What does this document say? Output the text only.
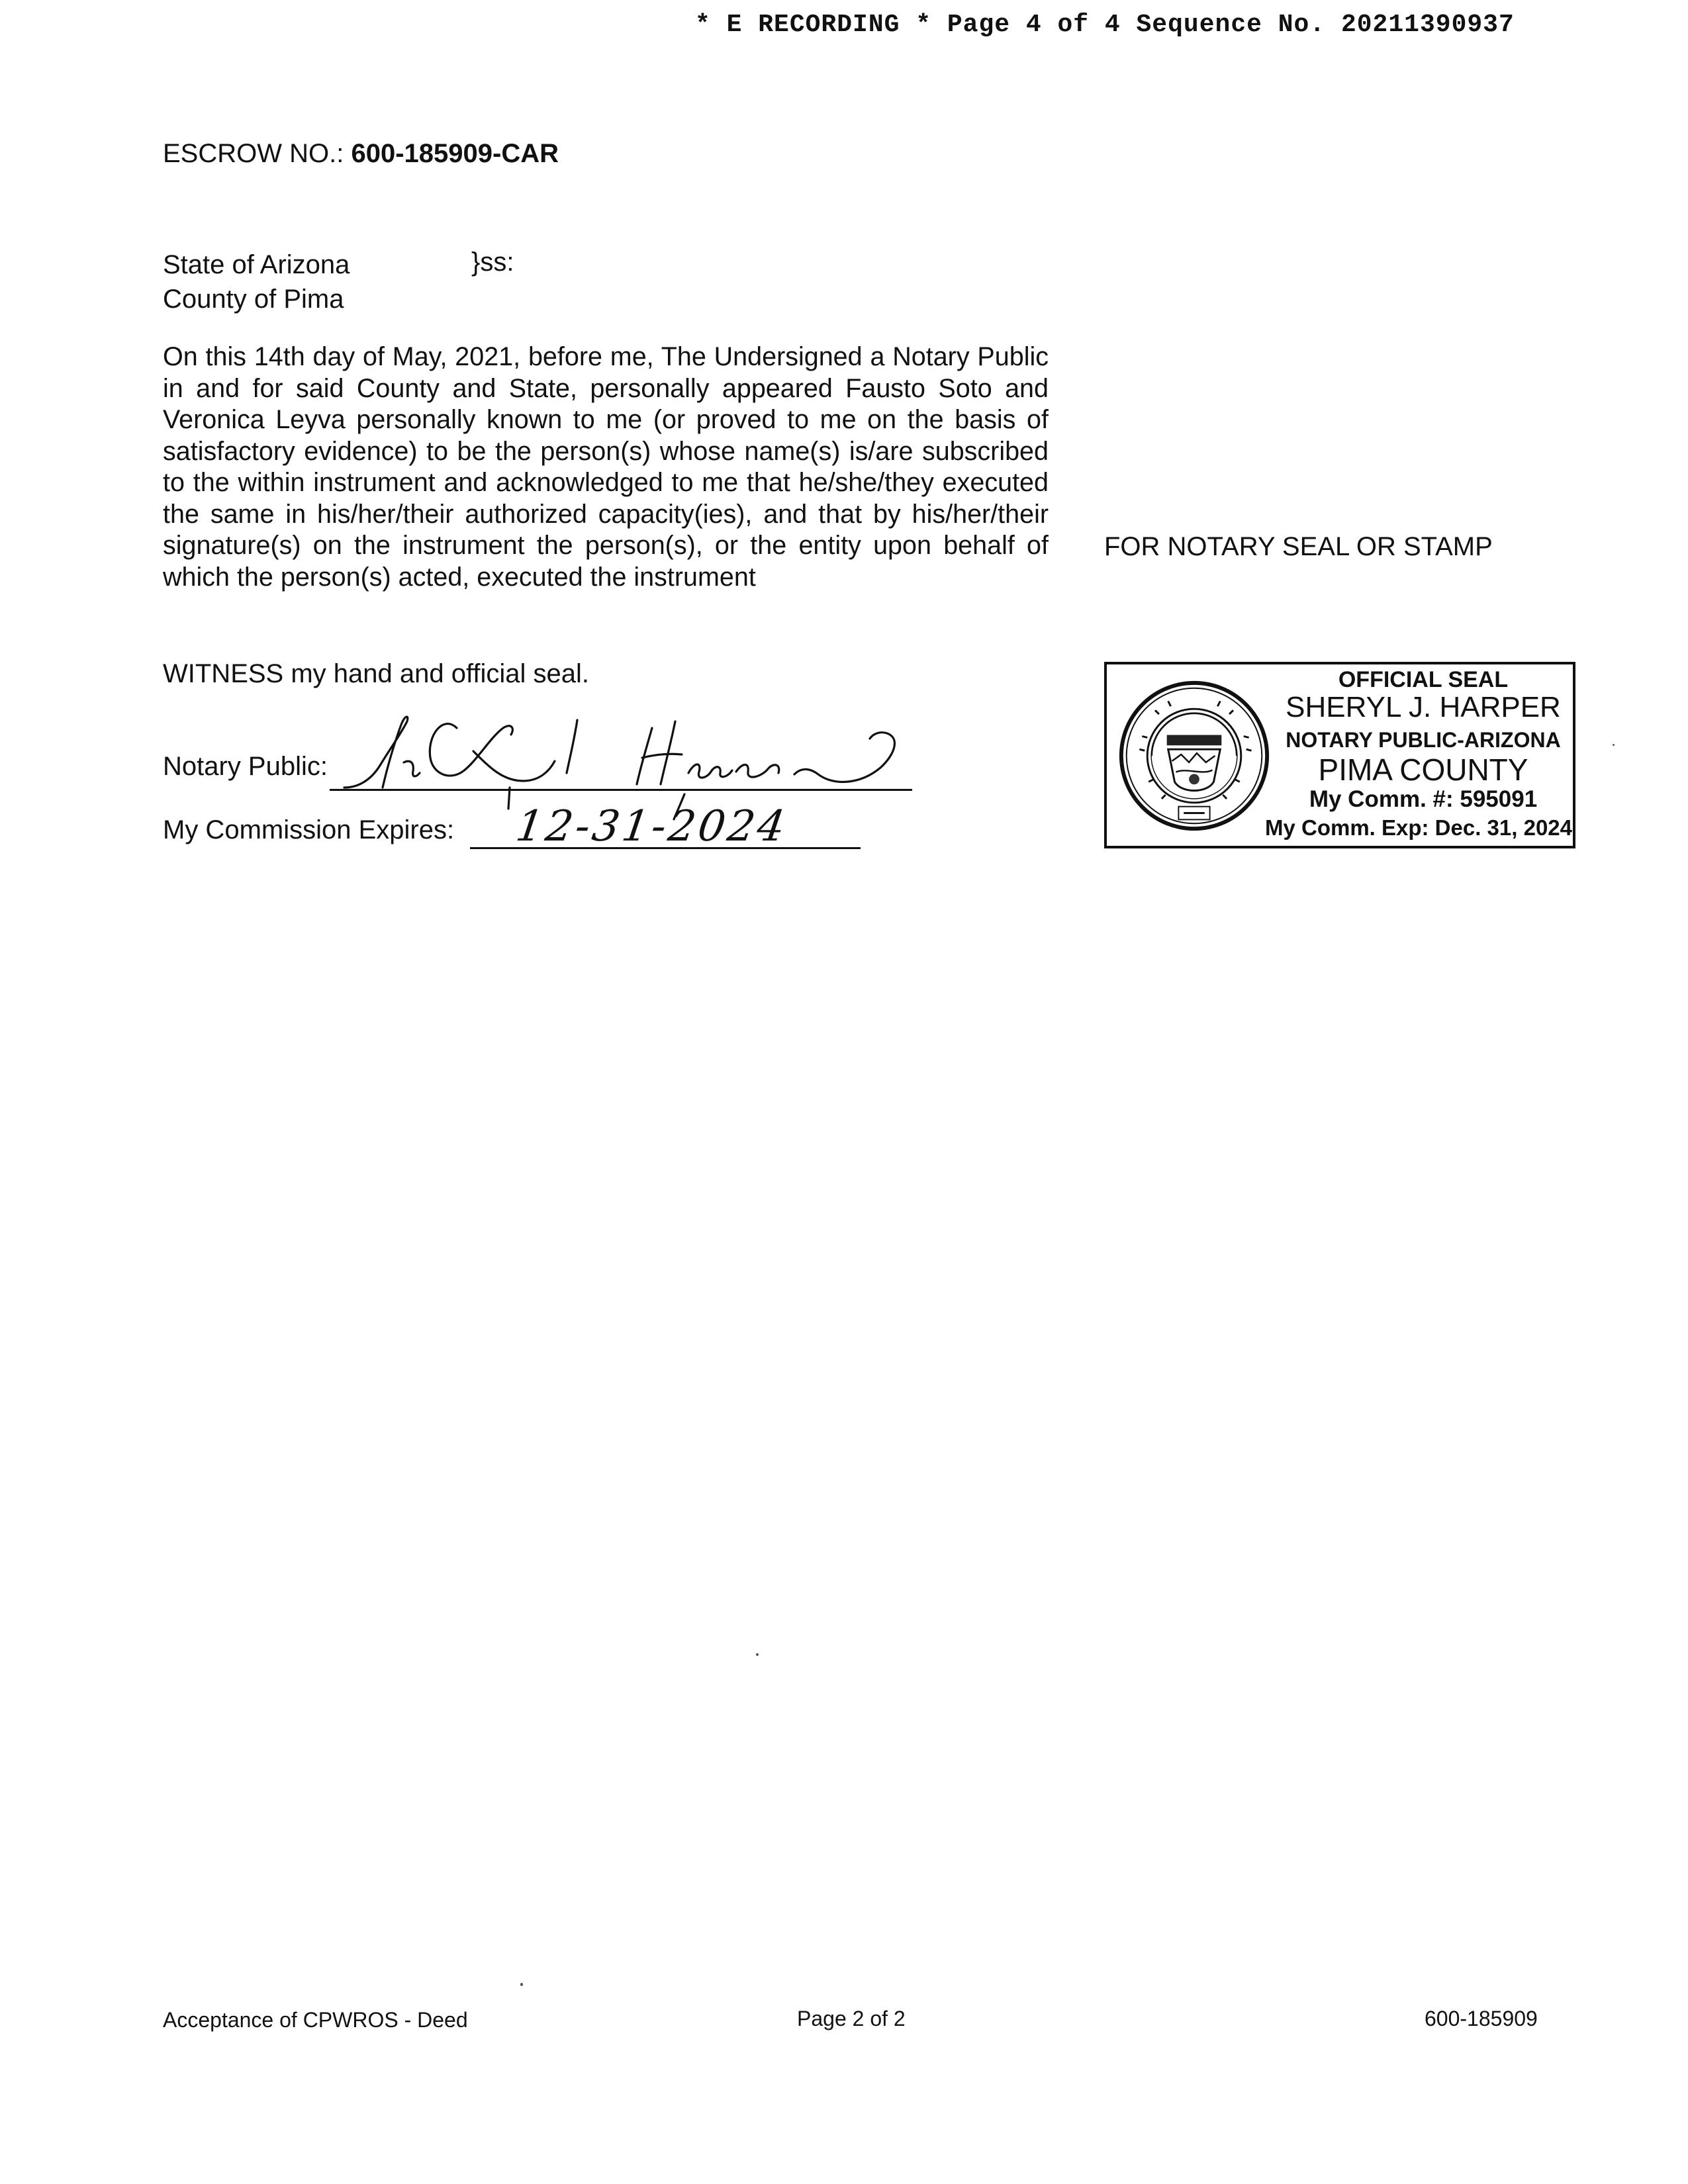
* E RECORDING * Page 4 of 4 Sequence No. 20211390937
ESCROW NO.: 600-185909-CAR
State of Arizona
County of Pima
}ss:
On this 14th day of May, 2021, before me, The Undersigned a Notary Public in and for said County and State, personally appeared Fausto Soto and Veronica Leyva personally known to me (or proved to me on the basis of satisfactory evidence) to be the person(s) whose name(s) is/are subscribed to the within instrument and acknowledged to me that he/she/they executed the same in his/her/their authorized capacity(ies), and that by his/her/their signature(s) on the instrument the person(s), or the entity upon behalf of which the person(s) acted, executed the instrument
FOR NOTARY SEAL OR STAMP
WITNESS my hand and official seal.
Notary Public:
My Commission Expires: 12-31-2024
OFFICIAL SEAL
SHERYL J. HARPER
NOTARY PUBLIC-ARIZONA
PIMA COUNTY
My Comm. #: 595091
My Comm. Exp: Dec. 31, 2024
Acceptance of CPWROS - Deed	Page 2 of 2	600-185909
